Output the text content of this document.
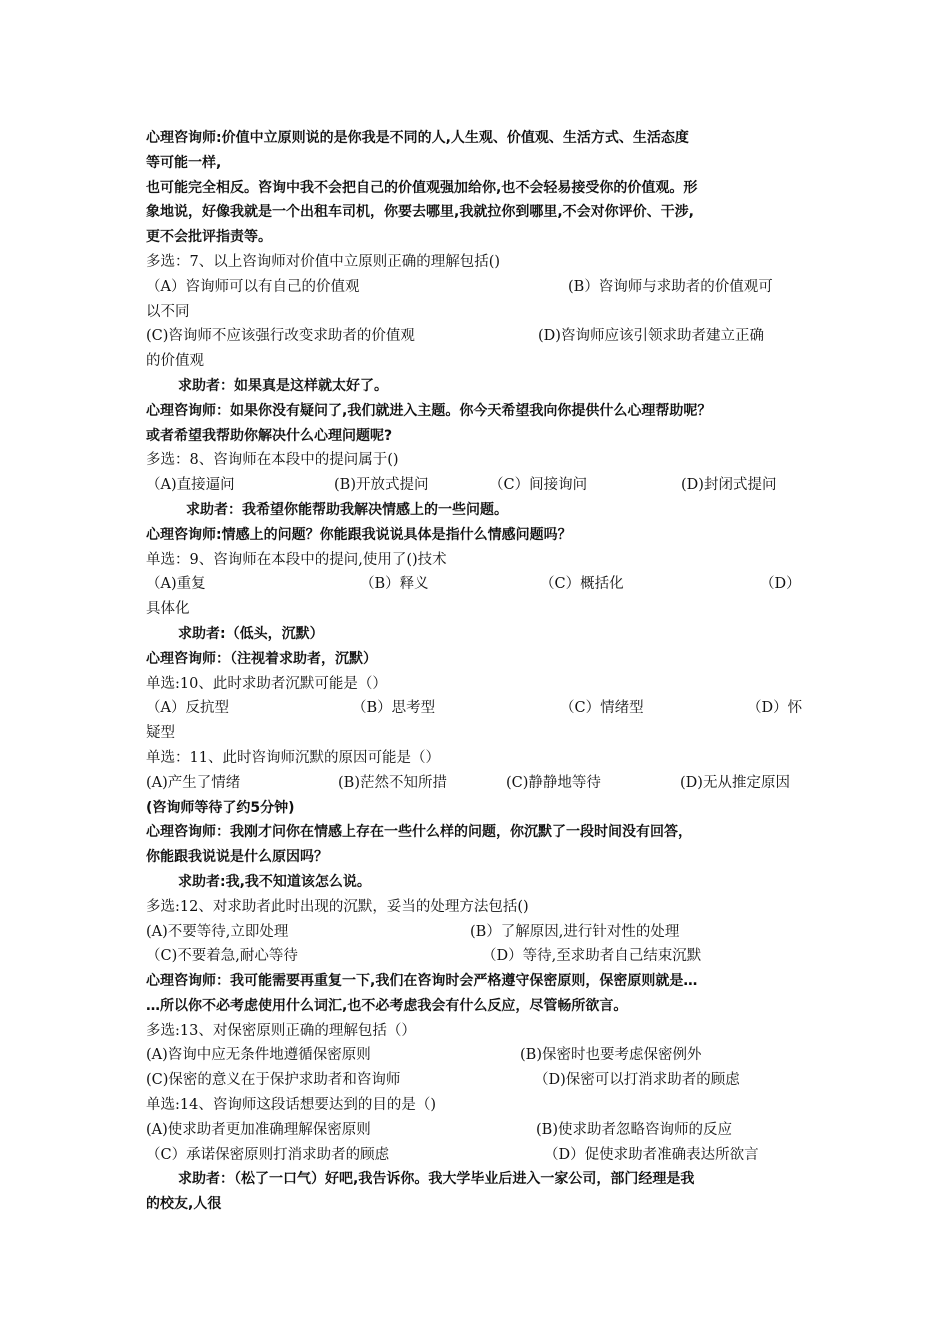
心理咨询师:价值中立原则说的是你我是不同的人,人生观、价值观、生活方式、生活态度
等可能一样,
也可能完全相反。咨询中我不会把自己的价值观强加给你,也不会轻易接受你的价值观。形
象地说，好像我就是一个出租车司机，你要去哪里,我就拉你到哪里,不会对你评价、干涉,
更不会批评指责等。
多选：7、以上咨询师对价值中立原则正确的理解包括()
（A）咨询师可以有自己的价值观	(B）咨询师与求助者的价值观可
以不同
(C)咨询师不应该强行改变求助者的价值观	(D)咨询师应该引领求助者建立正确
的价值观
求助者：如果真是这样就太好了。
心理咨询师：如果你没有疑问了,我们就进入主题。你今天希望我向你提供什么心理帮助呢？
或者希望我帮助你解决什么心理问题呢?
多选：8、咨询师在本段中的提问属于()
（A)直接逼问	(B)开放式提问	（C）间接询问	(D)封闭式提问
求助者：我希望你能帮助我解决情感上的一些问题。
心理咨询师:情感上的问题？你能跟我说说具体是指什么情感问题吗？
单选：9、咨询师在本段中的提问,使用了()技术
（A)重复	（B）释义	（C）概括化	（D）
具体化
求助者:（低头，沉默）
心理咨询师：（注视着求助者，沉默）
单选:10、此时求助者沉默可能是（）
（A）反抗型	（B）思考型	（C）情绪型	（D）怀
疑型
单选：11、此时咨询师沉默的原因可能是（）
(A)产生了情绪	(B)茫然不知所措	(C)静静地等待	(D)无从推定原因
(咨询师等待了约5分钟)
心理咨询师：我刚才问你在情感上存在一些什么样的问题，你沉默了一段时间没有回答，
你能跟我说说是什么原因吗？
求助者:我,我不知道该怎么说。
多选:12、对求助者此时出现的沉默，妥当的处理方法包括()
(A)不要等待,立即处理	(B）了解原因,进行针对性的处理
（C)不要着急,耐心等待	（D）等待,至求助者自己结束沉默
心理咨询师：我可能需要再重复一下,我们在咨询时会严格遵守保密原则，保密原则就是…
…所以你不必考虑使用什么词汇,也不必考虑我会有什么反应，尽管畅所欲言。
多选:13、对保密原则正确的理解包括（）
(A)咨询中应无条件地遵循保密原则	(B)保密时也要考虑保密例外
(C)保密的意义在于保护求助者和咨询师	（D)保密可以打消求助者的顾虑
单选:14、咨询师这段话想要达到的目的是（)
(A)使求助者更加准确理解保密原则	(B)使求助者忽略咨询师的反应
（C）承诺保密原则打消求助者的顾虑	（D）促使求助者准确表达所欲言
求助者：（松了一口气）好吧,我告诉你。我大学毕业后进入一家公司，部门经理是我
的校友,人很
